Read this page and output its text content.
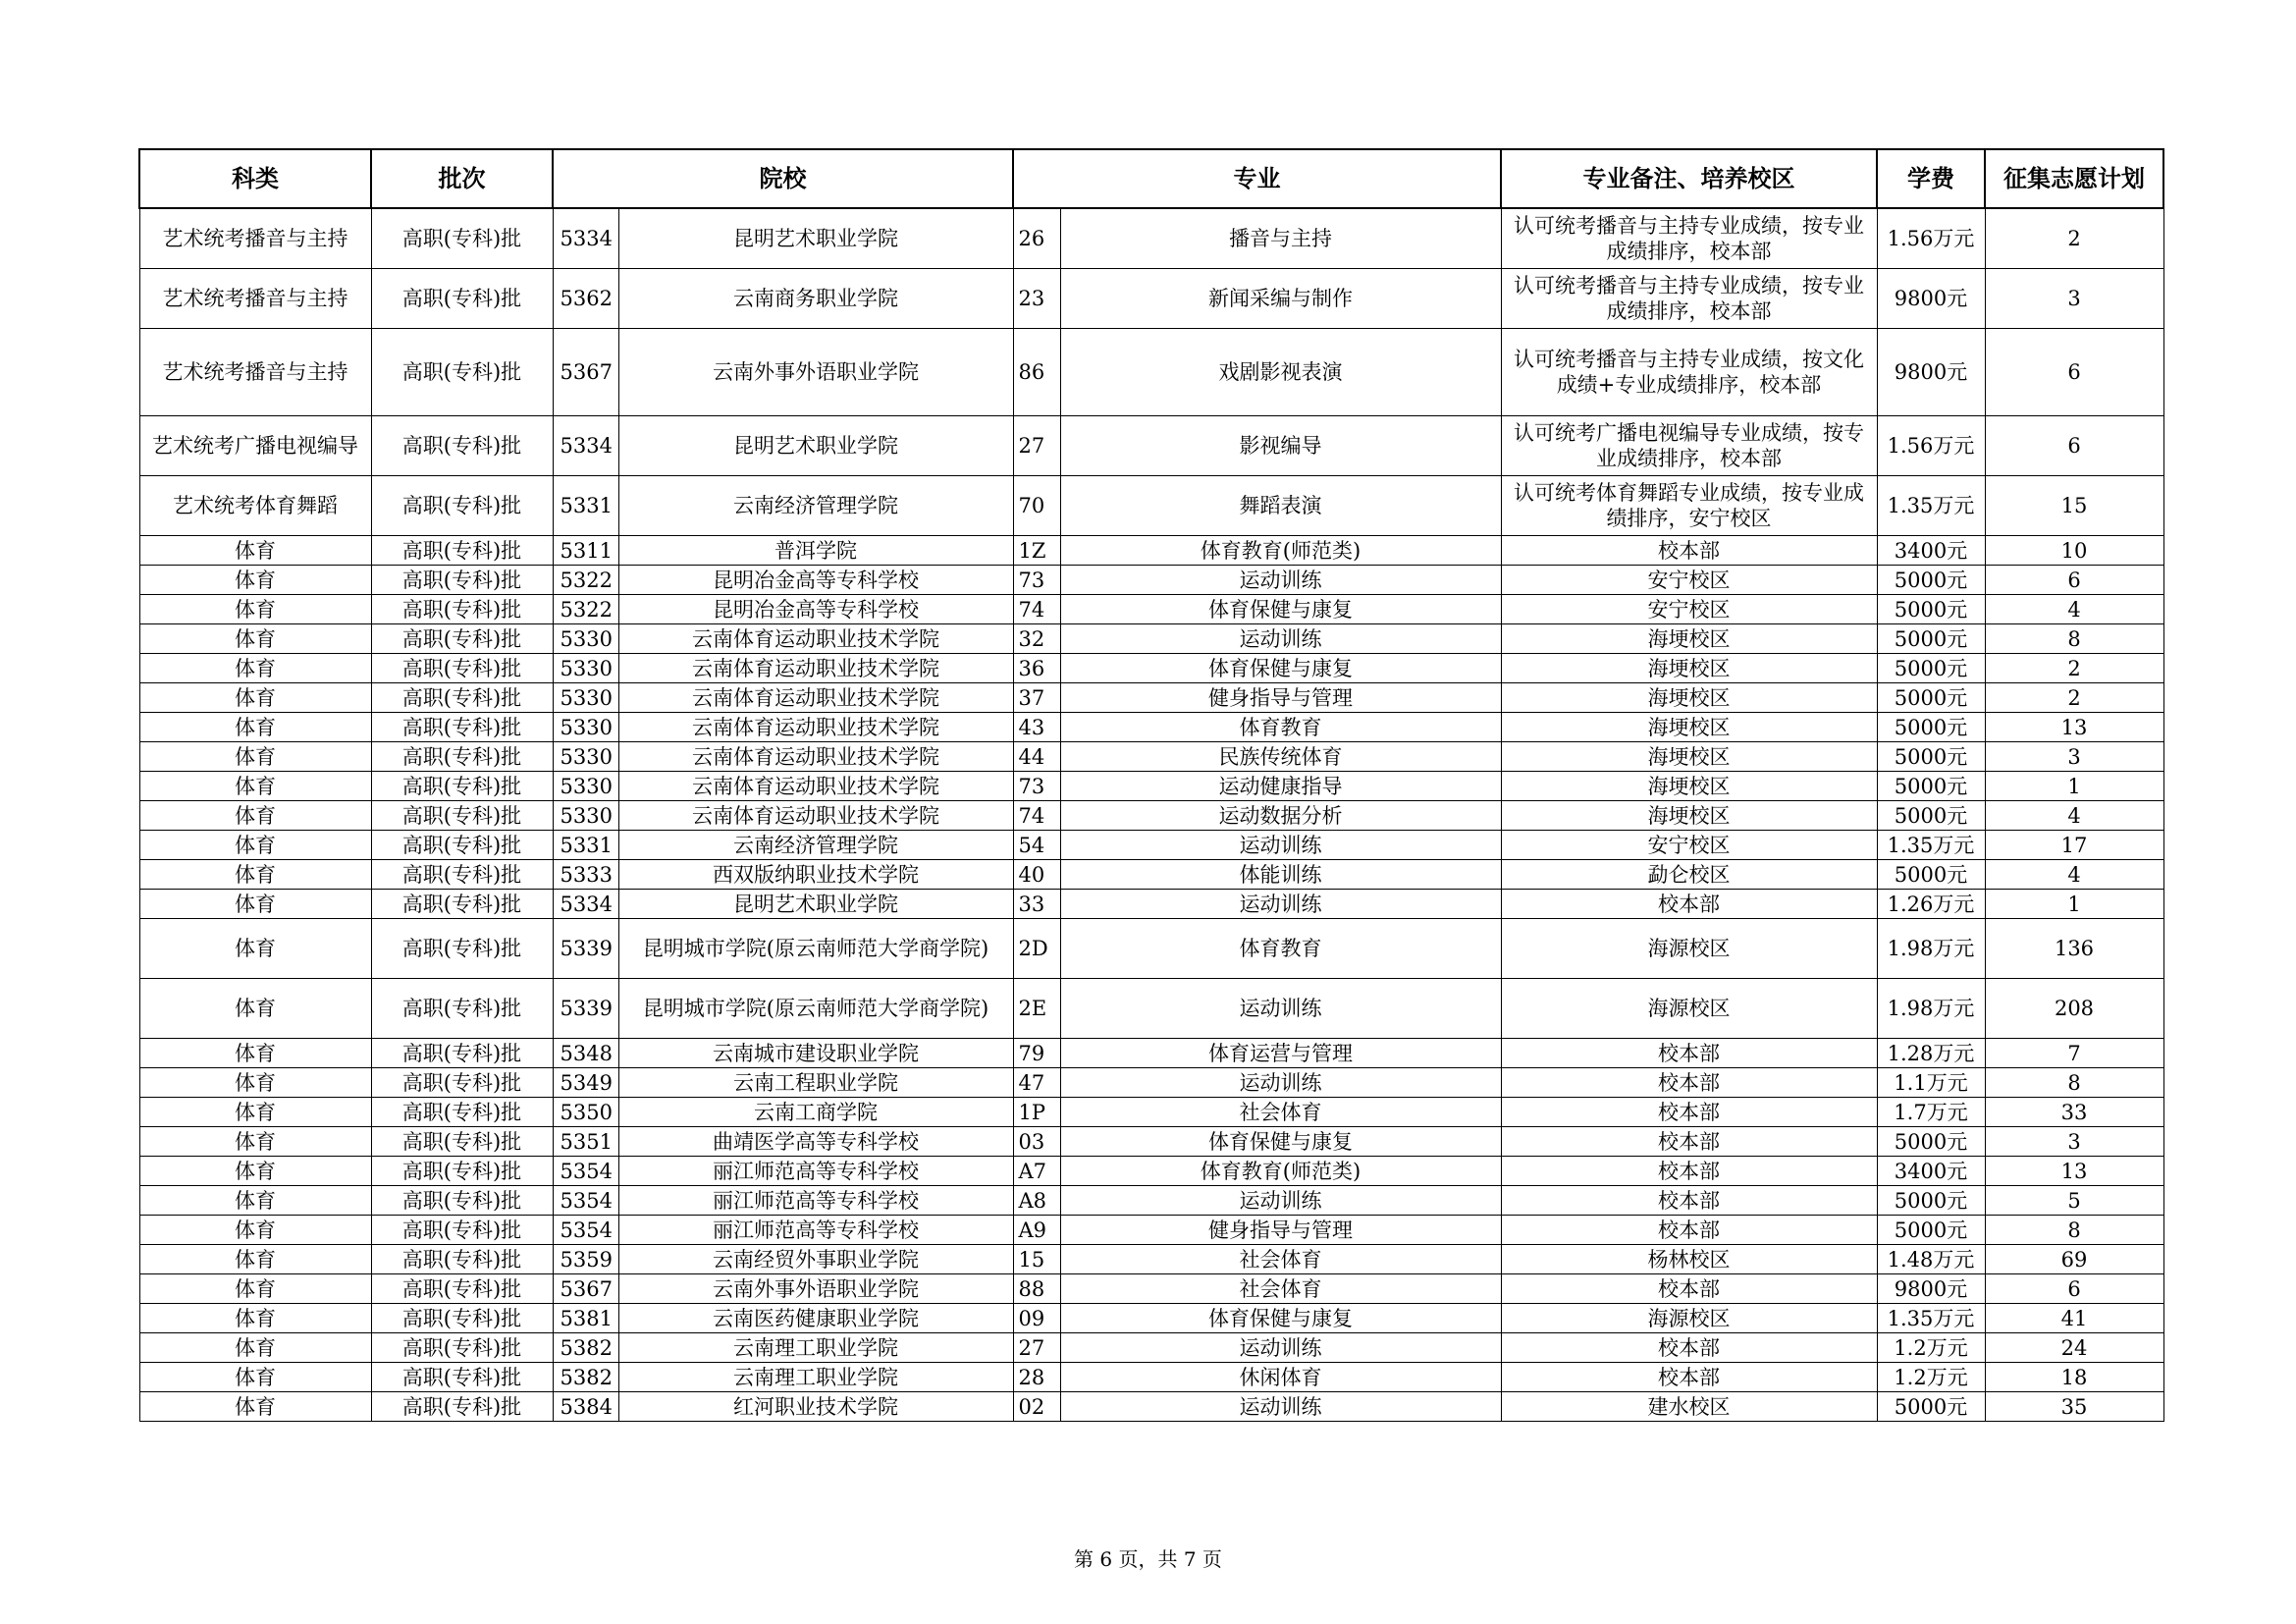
科类	批次	院校		专业		专业备注、培养校区	学费	征集志愿计划
艺术统考播音与主持	高职(专科)批	5334	昆明艺术职业学院	26	播音与主持	认可统考播音与主持专业成绩，按专业成绩排序，校本部	1.56万元	2
艺术统考播音与主持	高职(专科)批	5362	云南商务职业学院	23	新闻采编与制作	认可统考播音与主持专业成绩，按专业成绩排序，校本部	9800元	3
艺术统考播音与主持	高职(专科)批	5367	云南外事外语职业学院	86	戏剧影视表演	认可统考播音与主持专业成绩，按文化成绩+专业成绩排序，校本部	9800元	6
艺术统考广播电视编导	高职(专科)批	5334	昆明艺术职业学院	27	影视编导	认可统考广播电视编导专业成绩，按专业成绩排序，校本部	1.56万元	6
艺术统考体育舞蹈	高职(专科)批	5331	云南经济管理学院	70	舞蹈表演	认可统考体育舞蹈专业成绩，按专业成绩排序，安宁校区	1.35万元	15
体育	高职(专科)批	5311	普洱学院	1Z	体育教育(师范类)	校本部	3400元	10
体育	高职(专科)批	5322	昆明冶金高等专科学校	73	运动训练	安宁校区	5000元	6
体育	高职(专科)批	5322	昆明冶金高等专科学校	74	体育保健与康复	安宁校区	5000元	4
体育	高职(专科)批	5330	云南体育运动职业技术学院	32	运动训练	海埂校区	5000元	8
体育	高职(专科)批	5330	云南体育运动职业技术学院	36	体育保健与康复	海埂校区	5000元	2
体育	高职(专科)批	5330	云南体育运动职业技术学院	37	健身指导与管理	海埂校区	5000元	2
体育	高职(专科)批	5330	云南体育运动职业技术学院	43	体育教育	海埂校区	5000元	13
体育	高职(专科)批	5330	云南体育运动职业技术学院	44	民族传统体育	海埂校区	5000元	3
体育	高职(专科)批	5330	云南体育运动职业技术学院	73	运动健康指导	海埂校区	5000元	1
体育	高职(专科)批	5330	云南体育运动职业技术学院	74	运动数据分析	海埂校区	5000元	4
体育	高职(专科)批	5331	云南经济管理学院	54	运动训练	安宁校区	1.35万元	17
体育	高职(专科)批	5333	西双版纳职业技术学院	40	体能训练	勐仑校区	5000元	4
体育	高职(专科)批	5334	昆明艺术职业学院	33	运动训练	校本部	1.26万元	1
体育	高职(专科)批	5339	昆明城市学院(原云南师范大学商学院)	2D	体育教育	海源校区	1.98万元	136
体育	高职(专科)批	5339	昆明城市学院(原云南师范大学商学院)	2E	运动训练	海源校区	1.98万元	208
体育	高职(专科)批	5348	云南城市建设职业学院	79	体育运营与管理	校本部	1.28万元	7
体育	高职(专科)批	5349	云南工程职业学院	47	运动训练	校本部	1.1万元	8
体育	高职(专科)批	5350	云南工商学院	1P	社会体育	校本部	1.7万元	33
体育	高职(专科)批	5351	曲靖医学高等专科学校	03	体育保健与康复	校本部	5000元	3
体育	高职(专科)批	5354	丽江师范高等专科学校	A7	体育教育(师范类)	校本部	3400元	13
体育	高职(专科)批	5354	丽江师范高等专科学校	A8	运动训练	校本部	5000元	5
体育	高职(专科)批	5354	丽江师范高等专科学校	A9	健身指导与管理	校本部	5000元	8
体育	高职(专科)批	5359	云南经贸外事职业学院	15	社会体育	杨林校区	1.48万元	69
体育	高职(专科)批	5367	云南外事外语职业学院	88	社会体育	校本部	9800元	6
体育	高职(专科)批	5381	云南医药健康职业学院	09	体育保健与康复	海源校区	1.35万元	41
体育	高职(专科)批	5382	云南理工职业学院	27	运动训练	校本部	1.2万元	24
体育	高职(专科)批	5382	云南理工职业学院	28	休闲体育	校本部	1.2万元	18
体育	高职(专科)批	5384	红河职业技术学院	02	运动训练	建水校区	5000元	35
第 6 页，共 7 页
